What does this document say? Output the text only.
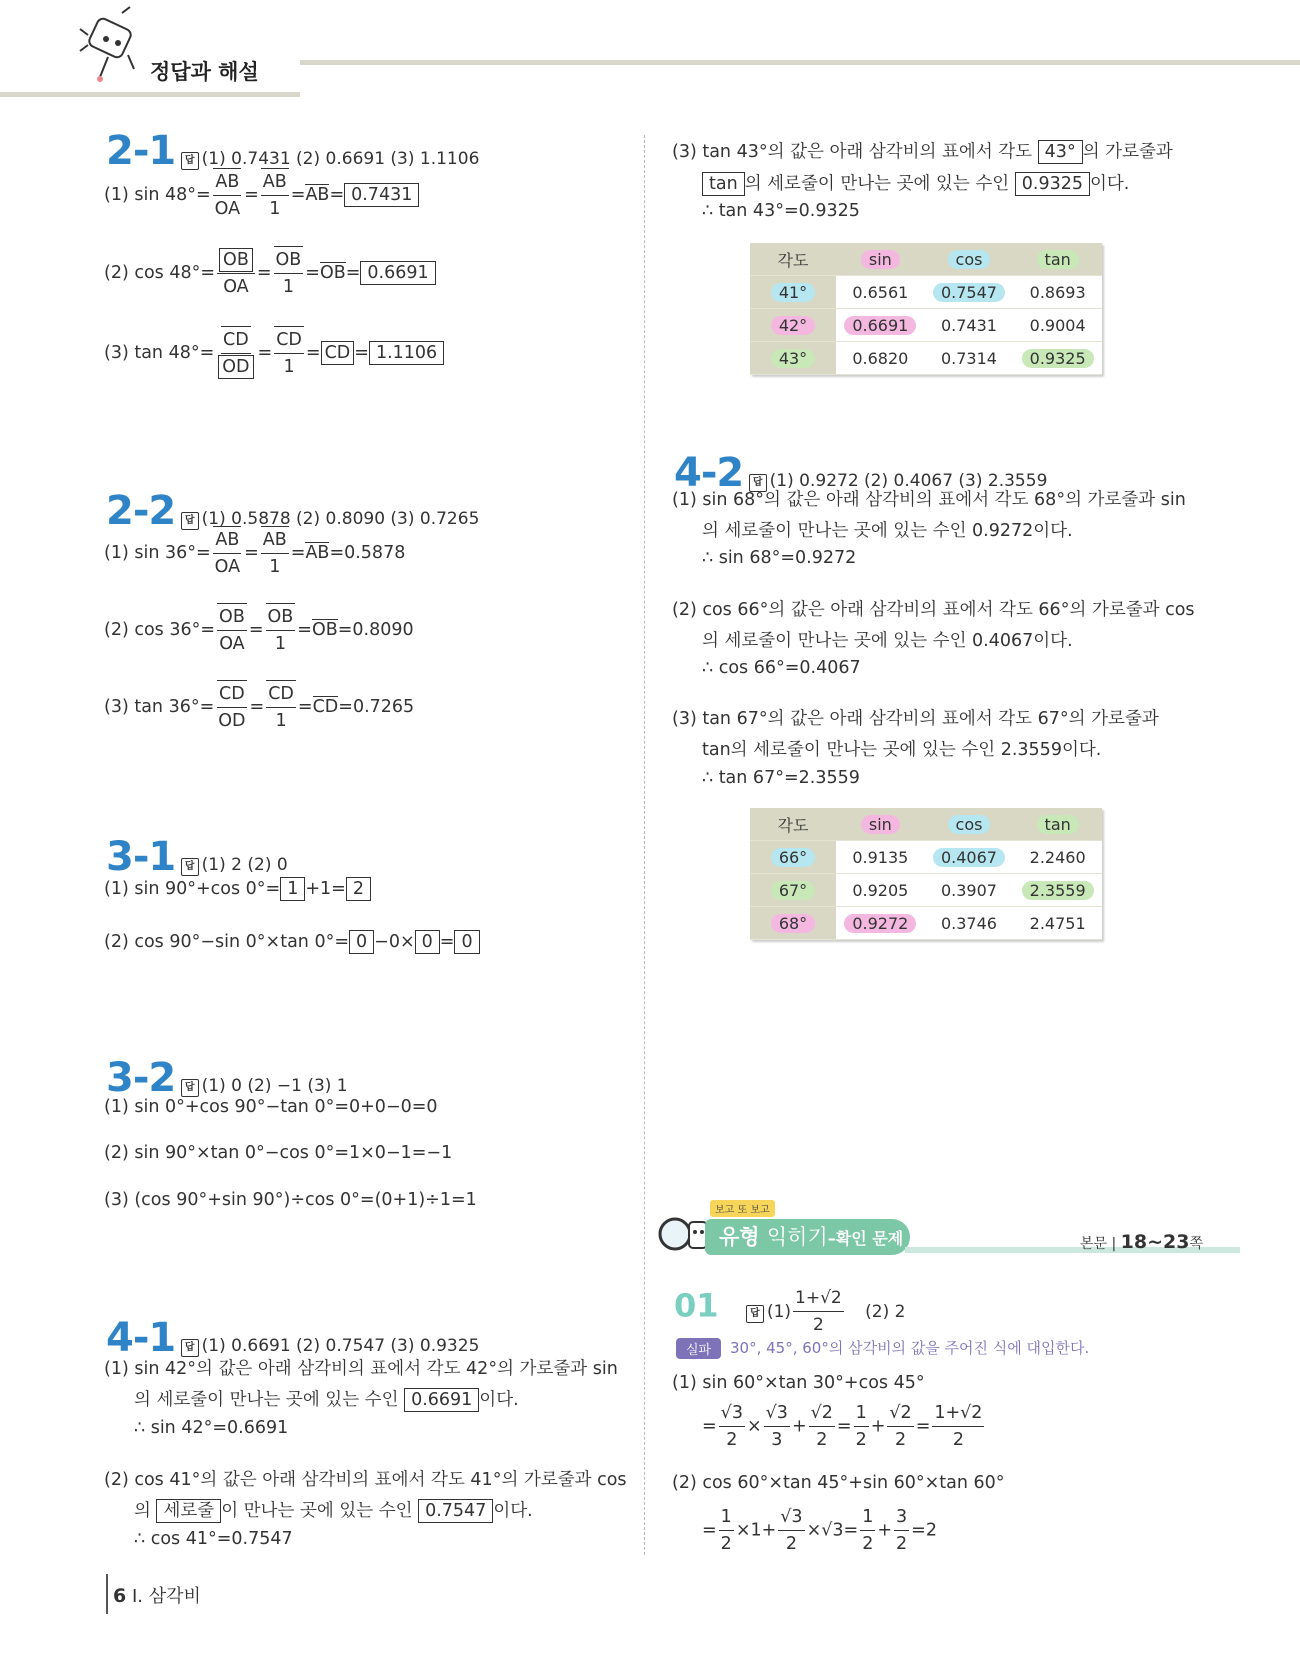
정답과 해설
2-1 답 (1) 0.7431 (2) 0.6691 (3) 1.1106
(1) $\sin 48^\circ= \frac{AB}{OA} = \frac{AB}{1} =AB= 0.7431$
(2) $\cos 48^\circ= \frac{OB}{OA} = \frac{OB}{1} =OB= 0.6691$
(3) $\tan 48^\circ= \frac{CD}{OD} = \frac{CD}{1}$ = CD = 1.1106
2-2 답 (1) 0.5878 (2) 0.8090 (3) 0.7265
(1) $\sin 36^\circ= \frac{AB}{OA} = \frac{AB}{1} =AB=0.5878$
(2) $\cos 36^\circ= \frac{OB}{OA} = \frac{OB}{1} =OB=0.8090$
(3) $\tan 36^\circ= \frac{CD}{OD} = \frac{CD}{1} =CD=0.7265$
3-1 답 (1) 2 (2) 0
(1) sin 90°+cos 0°= 1 +1= 2
(2) cos 90°−sin 0°×tan 0°= 0 −0× 0 = 0
3-2 답 (1) 0 (2) −1 (3) 1
(1) sin 0°+cos 90°−tan 0°=0+0−0=0
(2) sin 90°×tan 0°−cos 0°=1×0−1=−1
(3) (cos 90°+sin 90°)÷cos 0°=(0+1)÷1=1
4-1 답 (1) 0.6691 (2) 0.7547 (3) 0.9325
(1) sin 42°의 값은 아래 삼각비의 표에서 각도 42°의 가로줄과 sin
의 세로줄이 만나는 곳에 있는 수인 0.6691 이다.
∴ sin 42°=0.6691
(2) cos 41°의 값은 아래 삼각비의 표에서 각도 41°의 가로줄과 cos
의 세로줄 이 만나는 곳에 있는 수인 0.7547 이다.
∴ cos 41°=0.7547
(3) tan 43°의 값은 아래 삼각비의 표에서 각도 43° 의 가로줄과
tan 의 세로줄이 만나는 곳에 있는 수인 0.9325 이다.
∴ tan 43°=0.9325
각도	sin	cos	tan
41°	0.6561	0.7547	0.8693
42°	0.6691	0.7431	0.9004
43°	0.6820	0.7314	0.9325
4-2 답 (1) 0.9272 (2) 0.4067 (3) 2.3559
(1) sin 68°의 값은 아래 삼각비의 표에서 각도 68°의 가로줄과 sin
의 세로줄이 만나는 곳에 있는 수인 0.9272이다.
∴ sin 68°=0.9272
(2) cos 66°의 값은 아래 삼각비의 표에서 각도 66°의 가로줄과 cos
의 세로줄이 만나는 곳에 있는 수인 0.4067이다.
∴ cos 66°=0.4067
(3) tan 67°의 값은 아래 삼각비의 표에서 각도 67°의 가로줄과
tan의 세로줄이 만나는 곳에 있는 수인 2.3559이다.
∴ tan 67°=2.3559
각도	sin	cos	tan
66°	0.9135	0.4067	2.2460
67°	0.9205	0.3907	2.3559
68°	0.9272	0.3746	2.4751
보고 또 보고
유형 익히기–확인 문제	본문 | 18~23쪽
01	답 $(1) \frac{1+√2}{2} (2)$ 2
실파	30°, 45°, 60°의 삼각비의 값을 주어진 식에 대입한다.
(1) sin 60°×tan 30°+cos 45°
= $\frac{√3}{2} \times \frac{√3}{3} + \frac{√2}{2} = \frac{1}{2} + \frac{√2}{2} = \frac{1+√2}{2}$
(2) cos 60°×tan 45°+sin 60°×tan 60°
= $\frac{1}{2} \times 1+ \frac{√3}{2} \times√3= \frac{1}{2} + \frac{3}{2} =2$
6 I. 삼각비
